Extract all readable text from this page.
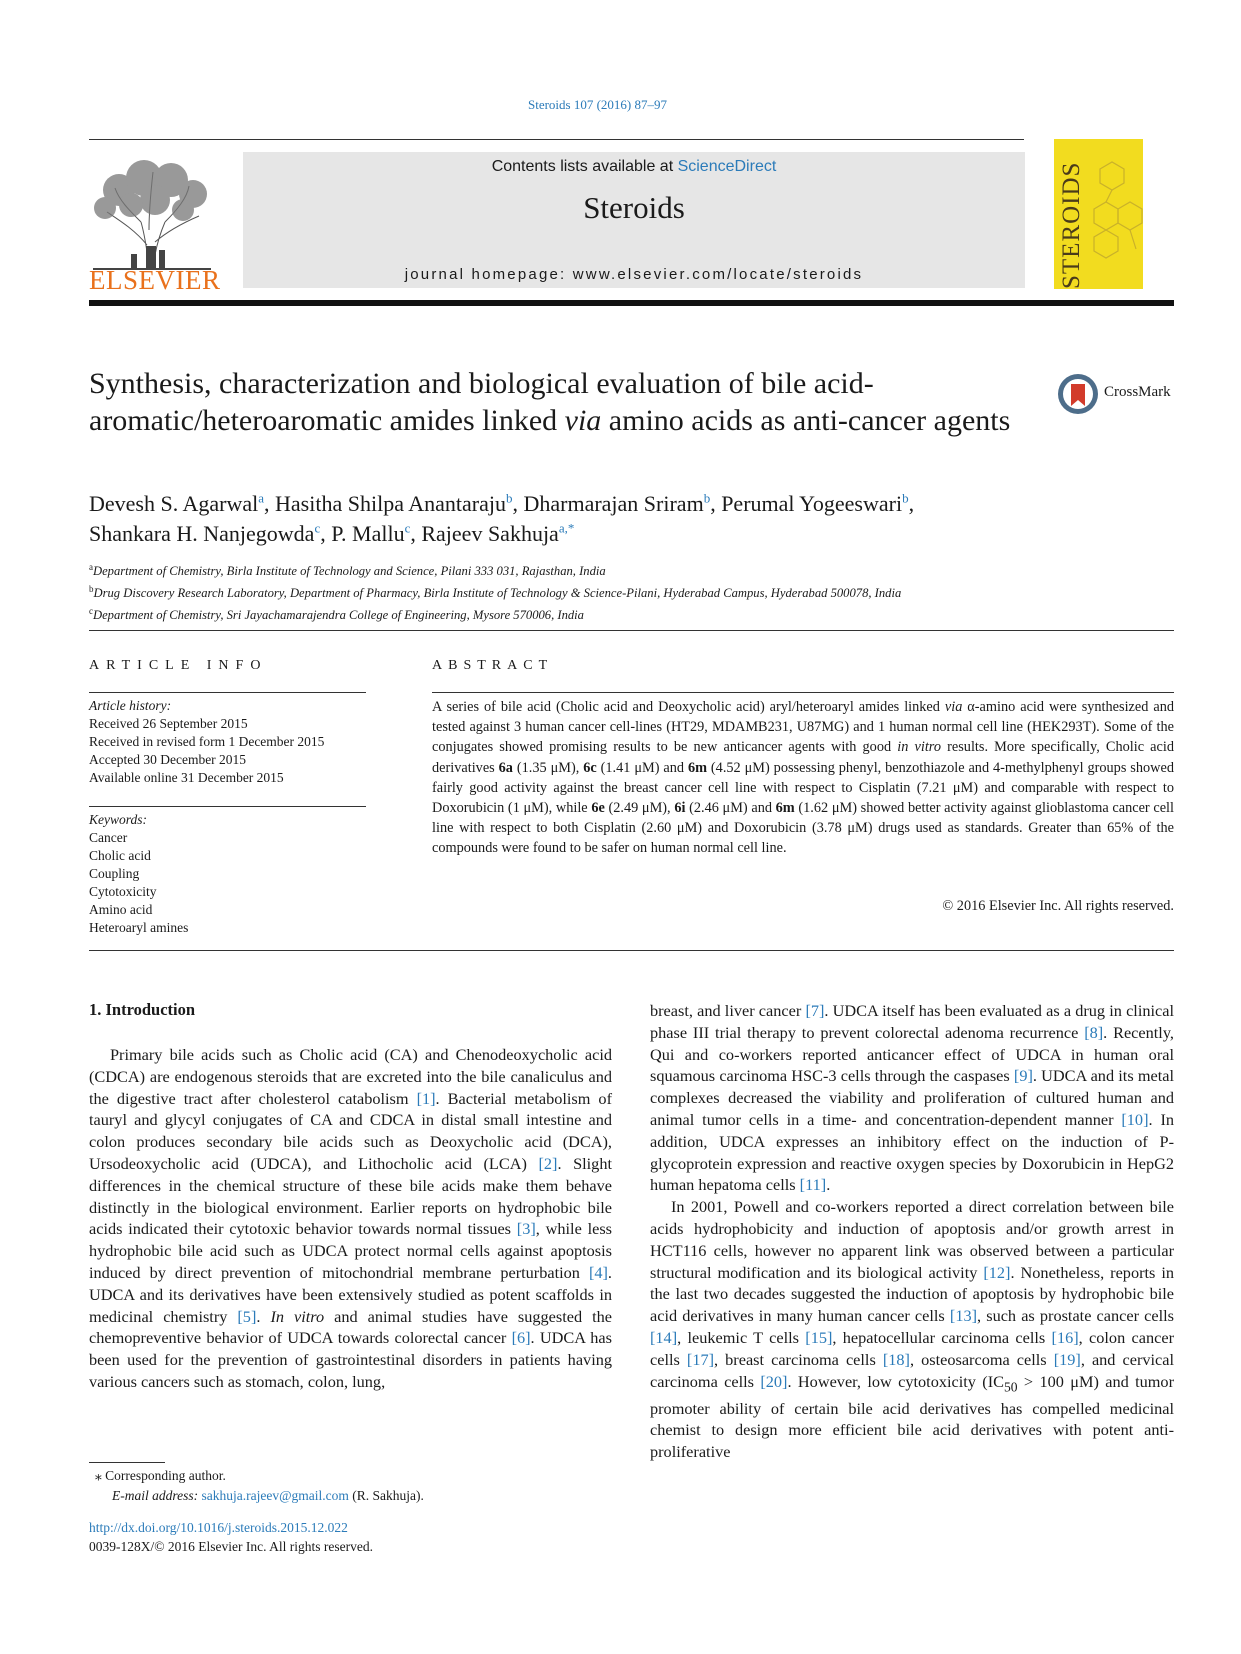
Steroids 107 (2016) 87–97
ELSEVIER
Contents lists available at ScienceDirect
Steroids
journal homepage: www.elsevier.com/locate/steroids	STEROIDS
Synthesis, characterization and biological evaluation of bile acid-aromatic/heteroaromatic amides linked via amino acids as anti-cancer agents
CrossMark
Devesh S. Agarwal$^a$, Hasitha Shilpa Anantaraju$^b$, Dharmarajan Sriram$^b$, Perumal Yogeeswari$^b$,
Shankara H. Nanjegowda$^c$, P. Mallu$^c$, Rajeev Sakhuja$^{a,*}$
$^a$Department of Chemistry, Birla Institute of Technology and Science, Pilani 333 031, Rajasthan, India
$^b$Drug Discovery Research Laboratory, Department of Pharmacy, Birla Institute of Technology & Science-Pilani, Hyderabad Campus, Hyderabad 500078, India
$^c$Department of Chemistry, Sri Jayachamarajendra College of Engineering, Mysore 570006, India
ARTICLE INFO	ABSTRACT
Article history:
Received 26 September 2015
Received in revised form 1 December 2015
Accepted 30 December 2015
Available online 31 December 2015
Keywords:
Cancer
Cholic acid
Coupling
Cytotoxicity
Amino acid
Heteroaryl amines
A series of bile acid (Cholic acid and Deoxycholic acid) aryl/heteroaryl amides linked via α-amino acid were synthesized and tested against 3 human cancer cell-lines (HT29, MDAMB231, U87MG) and 1 human normal cell line (HEK293T). Some of the conjugates showed promising results to be new anticancer agents with good in vitro results. More specifically, Cholic acid derivatives 6a (1.35 μM), 6c (1.41 μM) and 6m (4.52 μM) possessing phenyl, benzothiazole and 4-methylphenyl groups showed fairly good activity against the breast cancer cell line with respect to Cisplatin (7.21 μM) and comparable with respect to Doxorubicin (1 μM), while 6e (2.49 μM), 6i (2.46 μM) and 6m (1.62 μM) showed better activity against glioblastoma cancer cell line with respect to both Cisplatin (2.60 μM) and Doxorubicin (3.78 μM) drugs used as standards. Greater than 65% of the compounds were found to be safer on human normal cell line.
© 2016 Elsevier Inc. All rights reserved.
1. Introduction

Primary bile acids such as Cholic acid (CA) and Chenodeoxycholic acid (CDCA) are endogenous steroids that are excreted into the bile canaliculus and the digestive tract after cholesterol catabolism [1]. Bacterial metabolism of tauryl and glycyl conjugates of CA and CDCA in distal small intestine and colon produces secondary bile acids such as Deoxycholic acid (DCA), Ursodeoxycholic acid (UDCA), and Lithocholic acid (LCA) [2]. Slight differences in the chemical structure of these bile acids make them behave distinctly in the biological environment. Earlier reports on hydrophobic bile acids indicated their cytotoxic behavior towards normal tissues [3], while less hydrophobic bile acid such as UDCA protect normal cells against apoptosis induced by direct prevention of mitochondrial membrane perturbation [4]. UDCA and its derivatives have been extensively studied as potent scaffolds in medicinal chemistry [5]. In vitro and animal studies have suggested the chemopreventive behavior of UDCA towards colorectal cancer [6]. UDCA has been used for the prevention of gastrointestinal disorders in patients having various cancers such as stomach, colon, lung,

breast, and liver cancer [7]. UDCA itself has been evaluated as a drug in clinical phase III trial therapy to prevent colorectal adenoma recurrence [8]. Recently, Qui and co-workers reported anticancer effect of UDCA in human oral squamous carcinoma HSC-3 cells through the caspases [9]. UDCA and its metal complexes decreased the viability and proliferation of cultured human and animal tumor cells in a time- and concentration-dependent manner [10]. In addition, UDCA expresses an inhibitory effect on the induction of P-glycoprotein expression and reactive oxygen species by Doxorubicin in HepG2 human hepatoma cells [11].

In 2001, Powell and co-workers reported a direct correlation between bile acids hydrophobicity and induction of apoptosis and/or growth arrest in HCT116 cells, however no apparent link was observed between a particular structural modification and its biological activity [12]. Nonetheless, reports in the last two decades suggested the induction of apoptosis by hydrophobic bile acid derivatives in many human cancer cells [13], such as prostate cancer cells [14], leukemic T cells [15], hepatocellular carcinoma cells [16], colon cancer cells [17], breast carcinoma cells [18], osteosarcoma cells [19], and cervical carcinoma cells [20]. However, low cytotoxicity ($IC_{50} > 100$ μM) and tumor promoter ability of certain bile acid derivatives has compelled medicinal chemist to design more efficient bile acid derivatives with potent anti-proliferative

⁎ Corresponding author.
E-mail address: sakhuja.rajeev@gmail.com (R. Sakhuja).
http://dx.doi.org/10.1016/j.steroids.2015.12.022
0039-128X/© 2016 Elsevier Inc. All rights reserved.
